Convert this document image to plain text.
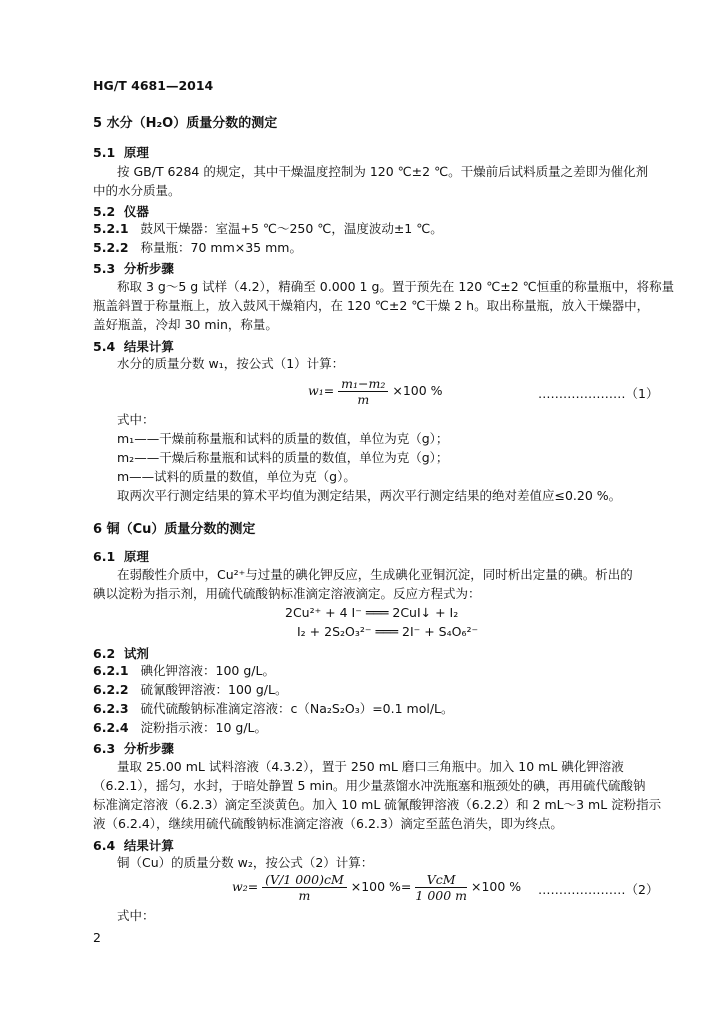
HG/T 4681—2014
5 水分（H₂O）质量分数的测定
5.1 原理
按 GB/T 6284 的规定，其中干燥温度控制为 120 ℃±2 ℃。干燥前后试料质量之差即为催化剂
中的水分质量。
5.2 仪器
5.2.1 鼓风干燥器：室温+5 ℃～250 ℃，温度波动±1 ℃。
5.2.2 称量瓶：70 mm×35 mm。
5.3 分析步骤
称取 3 g～5 g 试样（4.2），精确至 0.000 1 g。置于预先在 120 ℃±2 ℃恒重的称量瓶中，将称量
瓶盖斜置于称量瓶上，放入鼓风干燥箱内，在 120 ℃±2 ℃干燥 2 h。取出称量瓶，放入干燥器中，
盖好瓶盖，冷却 30 min，称量。
5.4 结果计算
水分的质量分数 w₁，按公式（1）计算：
$w_1= \frac{\text{m₁−m₂}}{m} \times 100$ %	…………………（1）
式中：
m₁——干燥前称量瓶和试料的质量的数值，单位为克（g）；
m₂——干燥后称量瓶和试料的质量的数值，单位为克（g）；
m——试料的质量的数值，单位为克（g）。
取两次平行测定结果的算术平均值为测定结果，两次平行测定结果的绝对差值应≤0.20 %。
6 铜（Cu）质量分数的测定
6.1 原理
在弱酸性介质中，Cu²⁺与过量的碘化钾反应，生成碘化亚铜沉淀，同时析出定量的碘。析出的
碘以淀粉为指示剂，用硫代硫酸钠标准滴定溶液滴定。反应方程式为：
2Cu²⁺ + 4 I⁻ ═══ 2CuI↓ + I₂
I₂ + 2S₂O₃²⁻ ═══ 2I⁻ + S₄O₆²⁻
6.2 试剂
6.2.1 碘化钾溶液：100 g/L。
6.2.2 硫氰酸钾溶液：100 g/L。
6.2.3 硫代硫酸钠标准滴定溶液：c（Na₂S₂O₃）=0.1 mol/L。
6.2.4 淀粉指示液：10 g/L。
6.3 分析步骤
量取 25.00 mL 试料溶液（4.3.2），置于 250 mL 磨口三角瓶中。加入 10 mL 碘化钾溶液
（6.2.1），摇匀，水封，于暗处静置 5 min。用少量蒸馏水冲洗瓶塞和瓶颈处的碘，再用硫代硫酸钠
标准滴定溶液（6.2.3）滴定至淡黄色。加入 10 mL 硫氰酸钾溶液（6.2.2）和 2 mL～3 mL 淀粉指示
液（6.2.4），继续用硫代硫酸钠标准滴定溶液（6.2.3）滴定至蓝色消失，即为终点。
6.4 结果计算
铜（Cu）的质量分数 w₂，按公式（2）计算：
$w_2= \frac{(V/1 000)cM}{m} \times 100$ %= $\frac{\text{VcM}}{1 000 m} \times 100$ % …………………（2）
式中：
2
